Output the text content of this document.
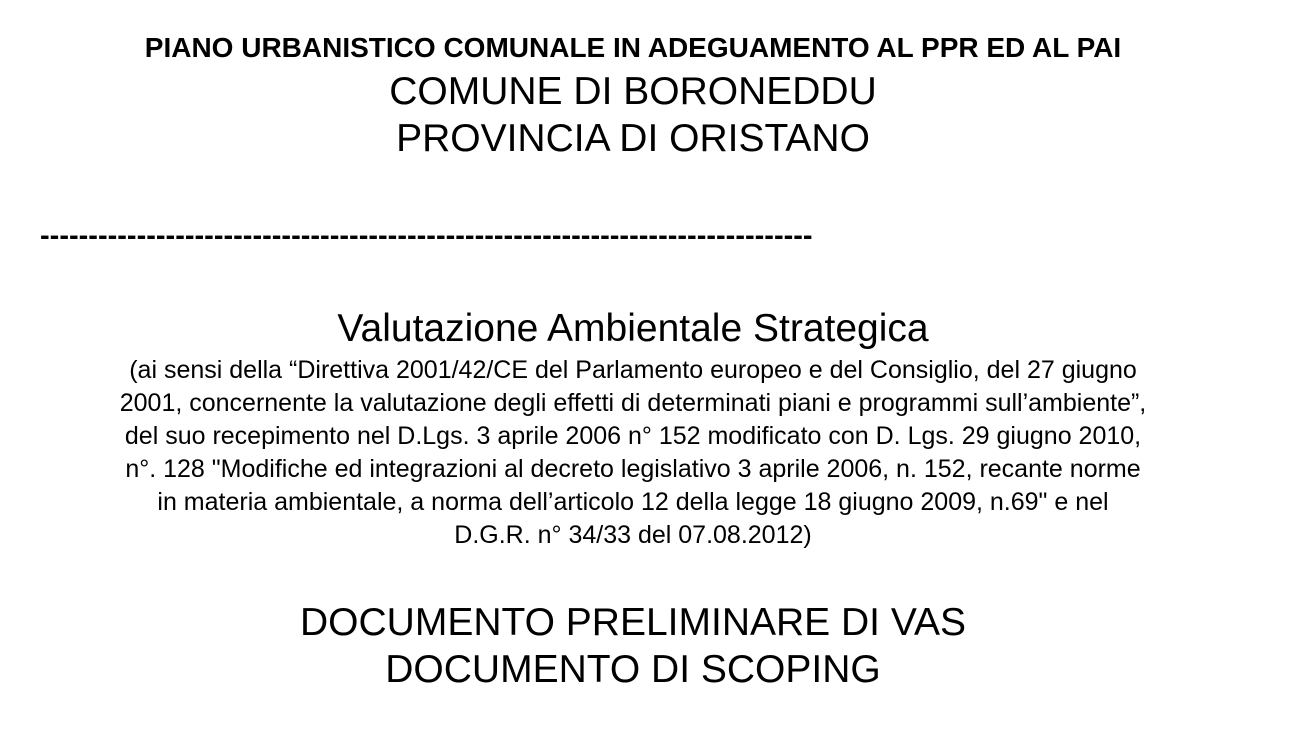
PIANO URBANISTICO COMUNALE IN ADEGUAMENTO AL PPR ED AL PAI
COMUNE DI BORONEDDU
PROVINCIA DI ORISTANO
--------------------------------------------------------------------------------
Valutazione Ambientale Strategica
(ai sensi della “Direttiva 2001/42/CE del Parlamento europeo e del Consiglio, del 27 giugno
2001, concernente la valutazione degli effetti di determinati piani e programmi sull’ambiente”,
del suo recepimento nel D.Lgs. 3 aprile 2006 n° 152 modificato con D. Lgs. 29 giugno 2010,
n°. 128 "Modifiche ed integrazioni al decreto legislativo 3 aprile 2006, n. 152, recante norme
in materia ambientale, a norma dell’articolo 12 della legge 18 giugno 2009, n.69" e nel
D.G.R. n° 34/33 del 07.08.2012)
DOCUMENTO PRELIMINARE DI VAS
DOCUMENTO DI SCOPING
